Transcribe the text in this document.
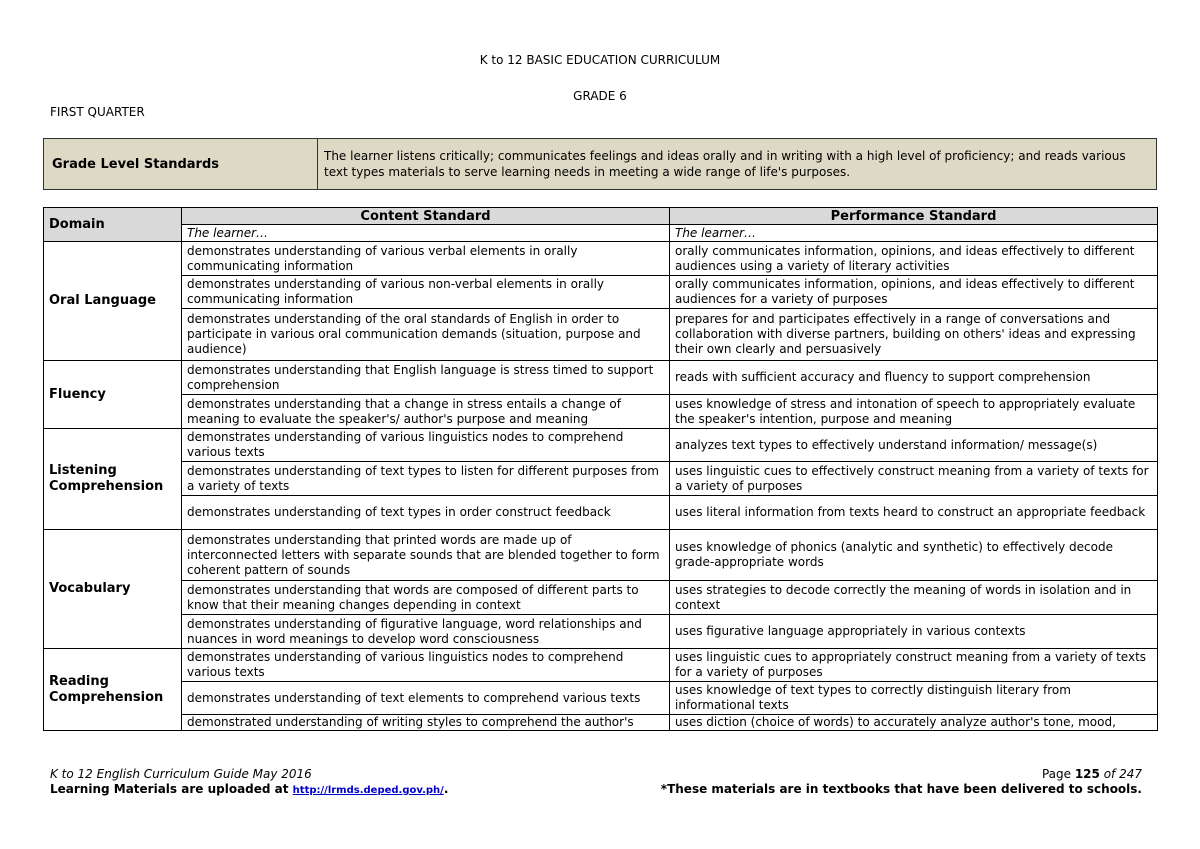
K to 12 BASIC EDUCATION CURRICULUM
GRADE 6
FIRST QUARTER
Grade Level Standards	The learner listens critically; communicates feelings and ideas orally and in writing with a high level of proficiency; and reads various text types materials to serve learning needs in meeting a wide range of life's purposes.
Domain	Content Standard	Performance Standard
	The learner…	The learner…
Oral Language	demonstrates understanding of various verbal elements in orally communicating information	orally communicates information, opinions, and ideas effectively to different audiences using a variety of literary activities
	demonstrates understanding of various non-verbal elements in orally communicating information	orally communicates information, opinions, and ideas effectively to different audiences for a variety of purposes
	demonstrates understanding of the oral standards of English in order to participate in various oral communication demands (situation, purpose and audience)	prepares for and participates effectively in a range of conversations and collaboration with diverse partners, building on others' ideas and expressing their own clearly and persuasively
Fluency	demonstrates understanding that English language is stress timed to support comprehension	reads with sufficient accuracy and fluency to support comprehension
	demonstrates understanding that a change in stress entails a change of meaning to evaluate the speaker's/ author's purpose and meaning	uses knowledge of stress and intonation of speech to appropriately evaluate the speaker's intention, purpose and meaning
Listening Comprehension	demonstrates understanding of various linguistics nodes to comprehend various texts	analyzes text types to effectively understand information/ message(s)
	demonstrates understanding of text types to listen for different purposes from a variety of texts	uses linguistic cues to effectively construct meaning from a variety of texts for a variety of purposes
	demonstrates understanding of text types in order construct feedback	uses literal information from texts heard to construct an appropriate feedback
Vocabulary	demonstrates understanding that printed words are made up of interconnected letters with separate sounds that are blended together to form coherent pattern of sounds	uses knowledge of phonics (analytic and synthetic) to effectively decode grade-appropriate words
	demonstrates understanding that words are composed of different parts to know that their meaning changes depending in context	uses strategies to decode correctly the meaning of words in isolation and in context
	demonstrates understanding of figurative language, word relationships and nuances in word meanings to develop word consciousness	uses figurative language appropriately in various contexts
Reading Comprehension	demonstrates understanding of various linguistics nodes to comprehend various texts	uses linguistic cues to appropriately construct meaning from a variety of texts for a variety of purposes
	demonstrates understanding of text elements to comprehend various texts	uses knowledge of text types to correctly distinguish literary from informational texts
	demonstrated understanding of writing styles to comprehend the author's	uses diction (choice of words) to accurately analyze author's tone, mood,
K to 12 English Curriculum Guide May 2016
Learning Materials are uploaded at http://lrmds.deped.gov.ph/.
Page 125 of 247
*These materials are in textbooks that have been delivered to schools.
